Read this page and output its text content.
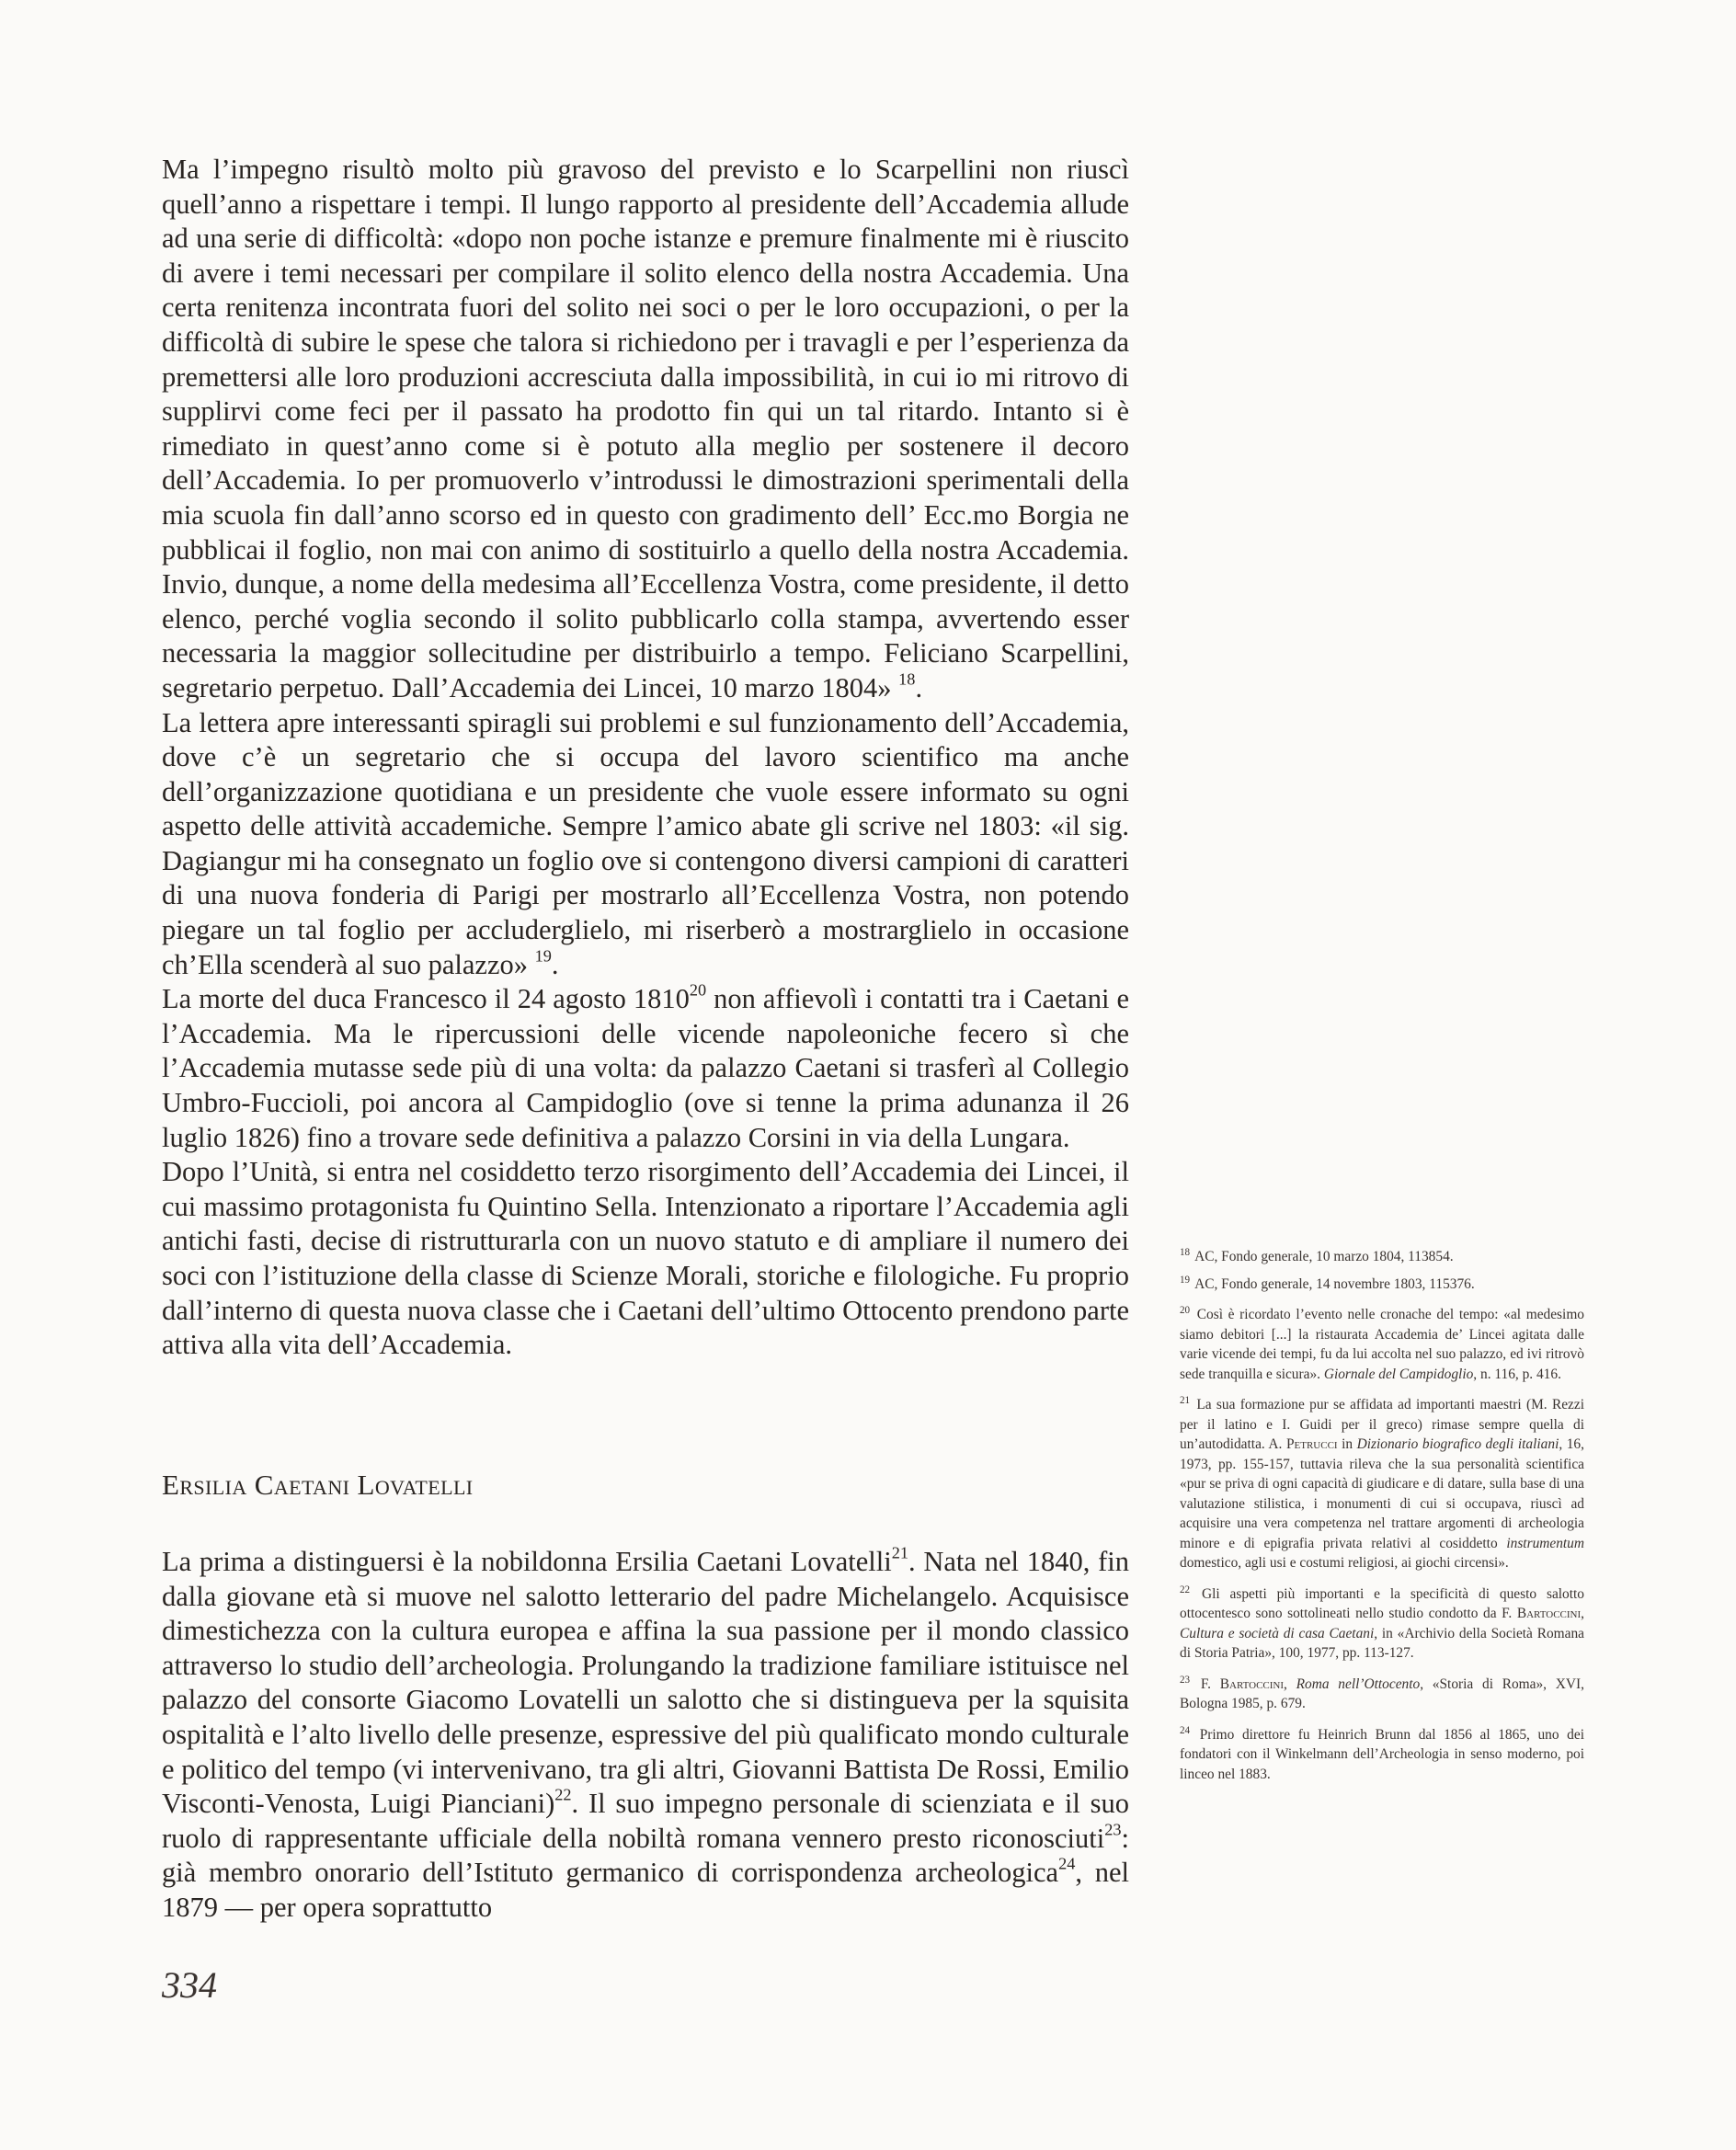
Ma l’impegno risultò molto più gravoso del previsto e lo Scarpellini non riuscì quell’anno a rispettare i tempi. Il lungo rapporto al presidente dell’Accademia allude ad una serie di difficoltà: «dopo non poche istanze e premure finalmente mi è riuscito di avere i temi necessari per compilare il solito elenco della nostra Accademia. Una certa renitenza incontrata fuori del solito nei soci o per le loro occupazioni, o per la difficoltà di subire le spese che talora si richiedono per i travagli e per l’esperienza da premettersi alle loro produzioni accresciuta dalla impossibilità, in cui io mi ritrovo di supplirvi come feci per il passato ha prodotto fin qui un tal ritardo. Intanto si è rimediato in quest’anno come si è potuto alla meglio per sostenere il decoro dell’Accademia. Io per promuoverlo v’introdussi le dimostrazioni sperimentali della mia scuola fin dall’anno scorso ed in questo con gradimento dell’ Ecc.mo Borgia ne pubblicai il foglio, non mai con animo di sostituirlo a quello della nostra Accademia. Invio, dunque, a nome della medesima all’Eccellenza Vostra, come presidente, il detto elenco, perché voglia secondo il solito pubblicarlo colla stampa, avvertendo esser necessaria la maggior sollecitudine per distribuirlo a tempo. Feliciano Scarpellini, segretario perpetuo. Dall’Accademia dei Lincei, 10 marzo 1804» $^{18}$.

La lettera apre interessanti spiragli sui problemi e sul funzionamento dell’Accademia, dove c’è un segretario che si occupa del lavoro scientifico ma anche dell’organizzazione quotidiana e un presidente che vuole essere informato su ogni aspetto delle attività accademiche. Sempre l’amico abate gli scrive nel 1803: «il sig. Dagiangur mi ha consegnato un foglio ove si contengono diversi campioni di caratteri di una nuova fonderia di Parigi per mostrarlo all’Eccellenza Vostra, non potendo piegare un tal foglio per accluderglielo, mi riserberò a mostrarglielo in occasione ch’Ella scenderà al suo palazzo» $^{19}$.

La morte del duca Francesco il 24 agosto 1810$^{20}$ non affievolì i contatti tra i Caetani e l’Accademia. Ma le ripercussioni delle vicende napoleoniche fecero sì che l’Accademia mutasse sede più di una volta: da palazzo Caetani si trasferì al Collegio Umbro-Fuccioli, poi ancora al Campidoglio (ove si tenne la prima adunanza il 26 luglio 1826) fino a trovare sede definitiva a palazzo Corsini in via della Lungara.

Dopo l’Unità, si entra nel cosiddetto terzo risorgimento dell’Accademia dei Lincei, il cui massimo protagonista fu Quintino Sella. Intenzionato a riportare l’Accademia agli antichi fasti, decise di ristrutturarla con un nuovo statuto e di ampliare il numero dei soci con l’istituzione della classe di Scienze Morali, storiche e filologiche. Fu proprio dall’interno di questa nuova classe che i Caetani dell’ultimo Ottocento prendono parte attiva alla vita dell’Accademia.

Ersilia Caetani Lovatelli

La prima a distinguersi è la nobildonna Ersilia Caetani Lovatelli$^{21}$. Nata nel 1840, fin dalla giovane età si muove nel salotto letterario del padre Michelangelo. Acquisisce dimestichezza con la cultura europea e affina la sua passione per il mondo classico attraverso lo studio dell’archeologia. Prolungando la tradizione familiare istituisce nel palazzo del consorte Giacomo Lovatelli un salotto che si distingueva per la squisita ospitalità e l’alto livello delle presenze, espressive del più qualificato mondo culturale e politico del tempo (vi intervenivano, tra gli altri, Giovanni Battista De Rossi, Emilio Visconti-Venosta, Luigi Pianciani)$^{22}$. Il suo impegno personale di scienziata e il suo ruolo di rappresentante ufficiale della nobiltà romana vennero presto riconosciuti$^{23}$: già membro onorario dell’Istituto germanico di corrispondenza archeologica$^{24}$, nel 1879 — per opera soprattutto

$^{18}$ AC, Fondo generale, 10 marzo 1804, 113854.

$^{19}$ AC, Fondo generale, 14 novembre 1803, 115376.

$^{20}$ Così è ricordato l’evento nelle cronache del tempo: «al medesimo siamo debitori [...] la ristaurata Accademia de’ Lincei agitata dalle varie vicende dei tempi, fu da lui accolta nel suo palazzo, ed ivi ritrovò sede tranquilla e sicura». Giornale del Campidoglio, n. 116, p. 416.

$^{21}$ La sua formazione pur se affidata ad importanti maestri (M. Rezzi per il latino e I. Guidi per il greco) rimase sempre quella di un’autodidatta. A. Petrucci in Dizionario biografico degli italiani, 16, 1973, pp. 155-157, tuttavia rileva che la sua personalità scientifica «pur se priva di ogni capacità di giudicare e di datare, sulla base di una valutazione stilistica, i monumenti di cui si occupava, riuscì ad acquisire una vera competenza nel trattare argomenti di archeologia minore e di epigrafia privata relativi al cosiddetto instrumentum domestico, agli usi e costumi religiosi, ai giochi circensi».

$^{22}$ Gli aspetti più importanti e la specificità di questo salotto ottocentesco sono sottolineati nello studio condotto da F. Bartoccini, Cultura e società di casa Caetani, in «Archivio della Società Romana di Storia Patria», 100, 1977, pp. 113-127.

$^{23}$ F. Bartoccini, Roma nell’Ottocento, «Storia di Roma», XVI, Bologna 1985, p. 679.

$^{24}$ Primo direttore fu Heinrich Brunn dal 1856 al 1865, uno dei fondatori con il Winkelmann dell’Archeologia in senso moderno, poi linceo nel 1883.

334
